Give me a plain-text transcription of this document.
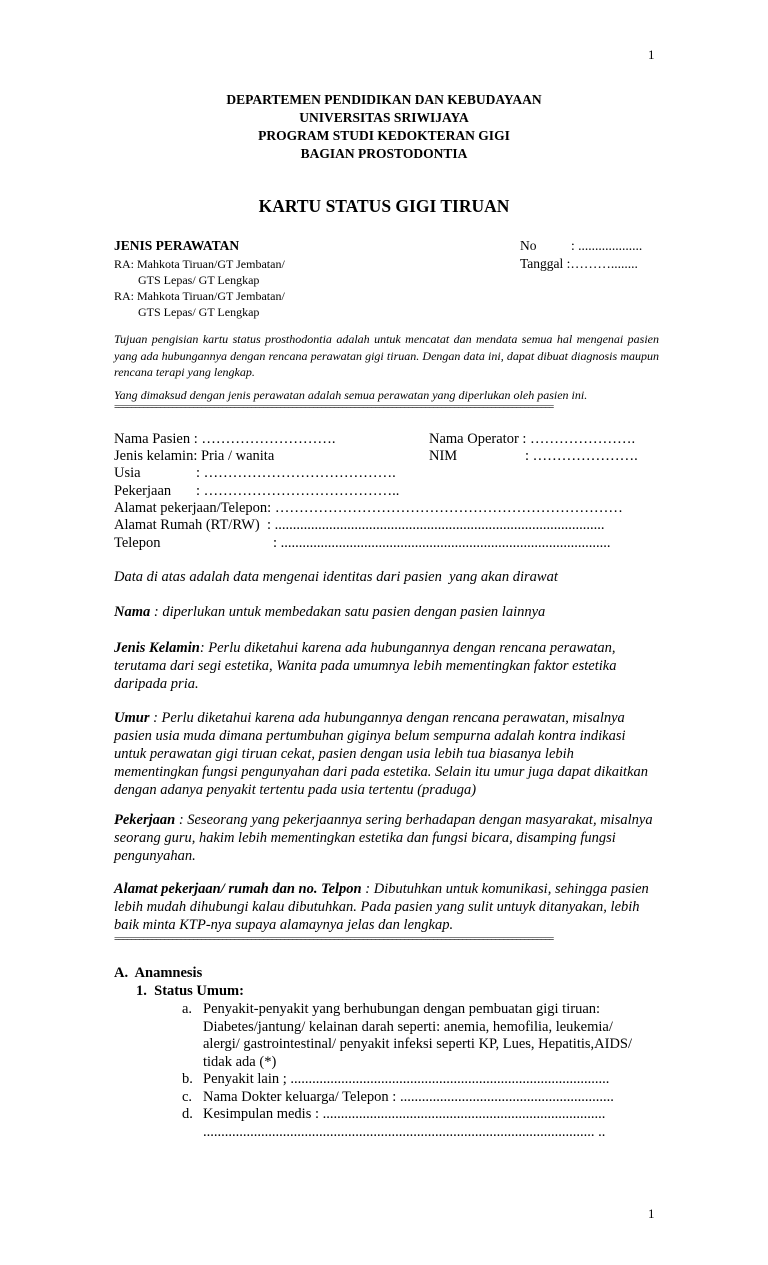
1
DEPARTEMEN PENDIDIKAN DAN KEBUDAYAAN
UNIVERSITAS SRIWIJAYA
PROGRAM STUDI KEDOKTERAN GIGI
BAGIAN PROSTODONTIA
KARTU STATUS GIGI TIRUAN
JENIS PERAWATAN
RA: Mahkota Tiruan/GT Jembatan/
GTS Lepas/ GT Lengkap
RA: Mahkota Tiruan/GT Jembatan/
GTS Lepas/ GT Lengkap
No	: ...................
Tanggal :………........
Tujuan pengisian kartu status prosthodontia adalah untuk mencatat dan mendata semua hal mengenai pasien yang ada hubungannya dengan rencana perawatan gigi tiruan. Dengan data ini, dapat dibuat diagnosis maupun rencana terapi yang lengkap.
Yang dimaksud dengan jenis perawatan adalah semua perawatan yang diperlukan oleh pasien ini.
==========================================================================================================
Nama Pasien : ……………………….	Nama Operator : ………………….
Jenis kelamin: Pria / wanita	NIM	: ………………….
Usia	: ………………………………….
Pekerjaan : …………………………………..
Alamat pekerjaan/Telepon: ………………………………………………………………
Alamat Rumah (RT/RW)  : ...........................................................................................
Telepon	: ...........................................................................................
Data di atas adalah data mengenai identitas dari pasien  yang akan dirawat
Nama : diperlukan untuk membedakan satu pasien dengan pasien lainnya
Jenis Kelamin: Perlu diketahui karena ada hubungannya dengan rencana perawatan, terutama dari segi estetika, Wanita pada umumnya lebih mementingkan faktor estetika daripada pria.
Umur : Perlu diketahui karena ada hubungannya dengan rencana perawatan, misalnya pasien usia muda dimana pertumbuhan giginya belum sempurna adalah kontra indikasi untuk perawatan gigi tiruan cekat, pasien dengan usia lebih tua biasanya lebih mementingkan fungsi pengunyahan dari pada estetika. Selain itu umur juga dapat dikaitkan dengan adanya penyakit tertentu pada usia tertentu (praduga)
Pekerjaan : Seseorang yang pekerjaannya sering berhadapan dengan masyarakat, misalnya seorang guru, hakim lebih mementingkan estetika dan fungsi bicara, disamping fungsi pengunyahan.
Alamat pekerjaan/ rumah dan no. Telpon : Dibutuhkan untuk komunikasi, sehingga pasien lebih mudah dihubungi kalau dibutuhkan. Pada pasien yang sulit untuyk ditanyakan, lebih baik minta KTP-nya supaya alamaynya jelas dan lengkap.
==========================================================================================================
A.  Anamnesis
1.  Status Umum:
a. Penyakit-penyakit yang berhubungan dengan pembuatan gigi tiruan:
Diabetes/jantung/ kelainan darah seperti: anemia, hemofilia, leukemia/
alergi/ gastrointestinal/ penyakit infeksi seperti KP, Lues, Hepatitis,AIDS/
tidak ada (*)
b. Penyakit lain ; ........................................................................................
c. Nama Dokter keluarga/ Telepon : ...........................................................
d. Kesimpulan medis : ..............................................................................
............................................................................................................ ..
1
